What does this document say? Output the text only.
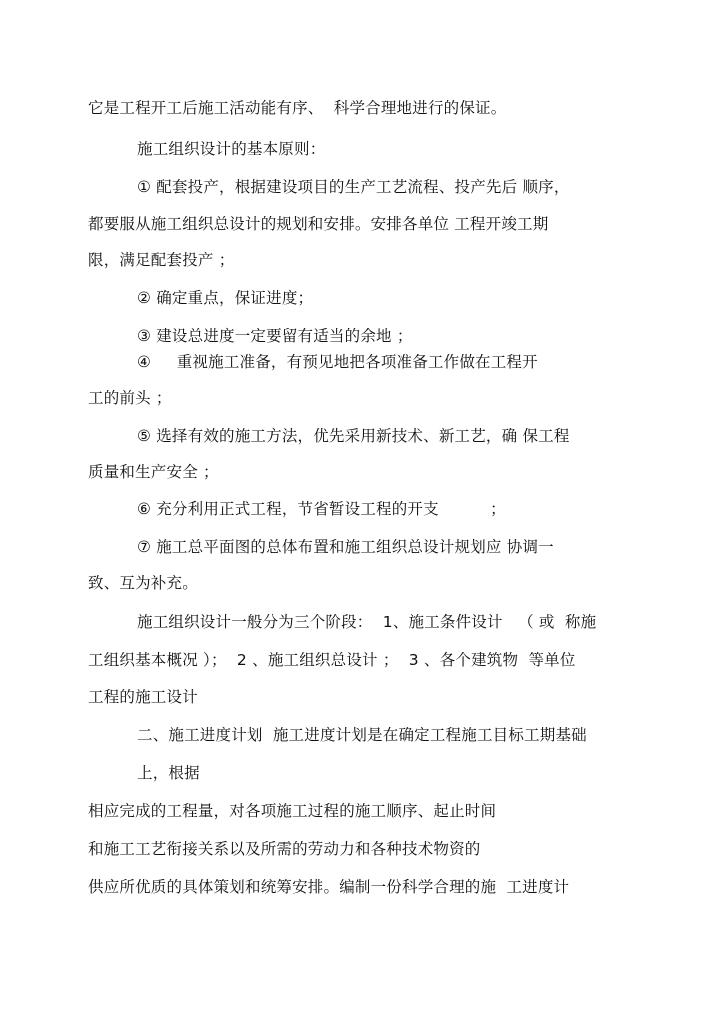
它是工程开工后施工活动能有序、  科学合理地进行的保证。
施工组织设计的基本原则：
① 配套投产，根据建设项目的生产工艺流程、投产先后 顺序，
都要服从施工组织总设计的规划和安排。安排各单位 工程开竣工期
限，满足配套投产 ；
② 确定重点，保证进度；
③ 建设总进度一定要留有适当的余地 ；
④     重视施工准备，有预见地把各项准备工作做在工程开
工的前头 ；
⑤ 选择有效的施工方法，优先采用新技术、新工艺，确 保工程
质量和生产安全 ；
⑥ 充分利用正式工程，节省暂设工程的开支          ；
⑦ 施工总平面图的总体布置和施工组织总设计规划应 协调一
致、互为补充。
施工组织设计一般分为三个阶段：  1、施工条件设计   （ 或  称施
工组织基本概况 ）；  2 、施工组织总设计 ；  3 、各个建筑物  等单位
工程的施工设计
二、施工进度计划  施工进度计划是在确定工程施工目标工期基础
上，根据
相应完成的工程量，对各项施工过程的施工顺序、起止时间
和施工工艺衔接关系以及所需的劳动力和各种技术物资的
供应所优质的具体策划和统筹安排。编制一份科学合理的施  工进度计
